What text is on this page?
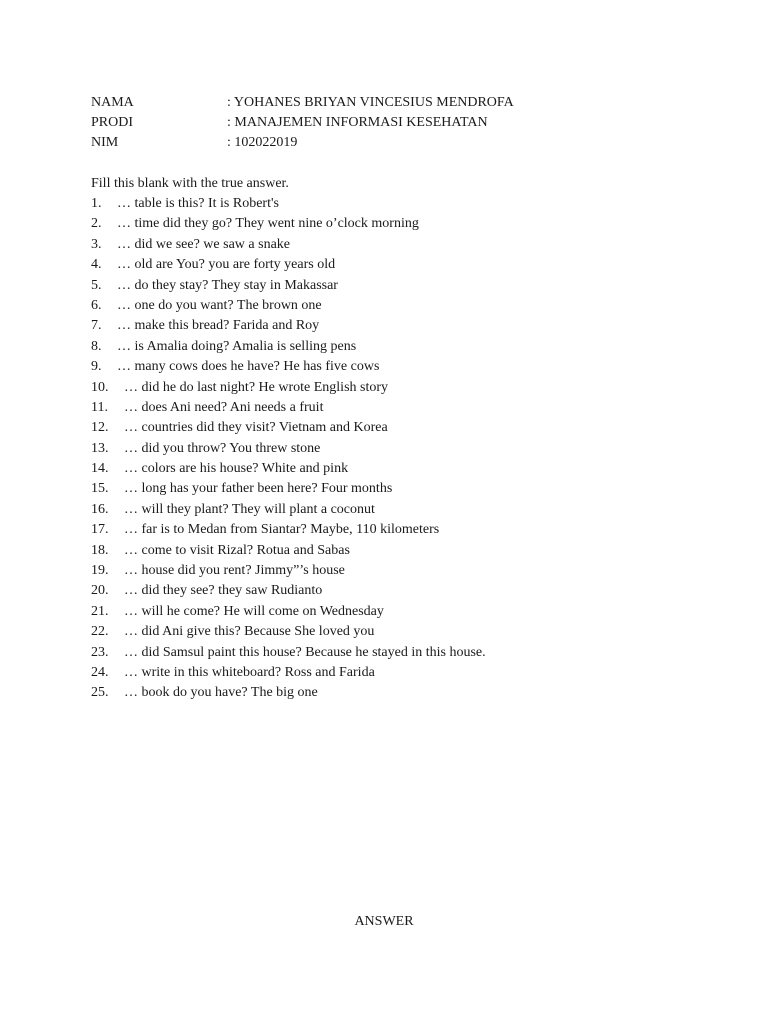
NAMA	: YOHANES BRIYAN VINCESIUS MENDROFA
PRODI	: MANAJEMEN INFORMASI KESEHATAN
NIM	: 102022019
Fill this blank with the true answer.
1. … table is this? It is Robert's
2. … time did they go? They went nine o’clock morning
3. … did we see? we saw a snake
4. … old are You? you are forty years old
5. … do they stay? They stay in Makassar
6. … one do you want? The brown one
7. … make this bread? Farida and Roy
8. … is Amalia doing? Amalia is selling pens
9. … many cows does he have? He has five cows
10. … did he do last night? He wrote English story
11. … does Ani need? Ani needs a fruit
12. … countries did they visit? Vietnam and Korea
13. … did you throw? You threw stone
14. … colors are his house? White and pink
15. … long has your father been here? Four months
16. … will they plant? They will plant a coconut
17. … far is to Medan from Siantar? Maybe, 110 kilometers
18. … come to visit Rizal? Rotua and Sabas
19. … house did you rent? Jimmy”’s house
20. … did they see? they saw Rudianto
21. … will he come? He will come on Wednesday
22. … did Ani give this? Because She loved you
23. … did Samsul paint this house? Because he stayed in this house.
24. … write in this whiteboard? Ross and Farida
25. … book do you have? The big one
ANSWER
